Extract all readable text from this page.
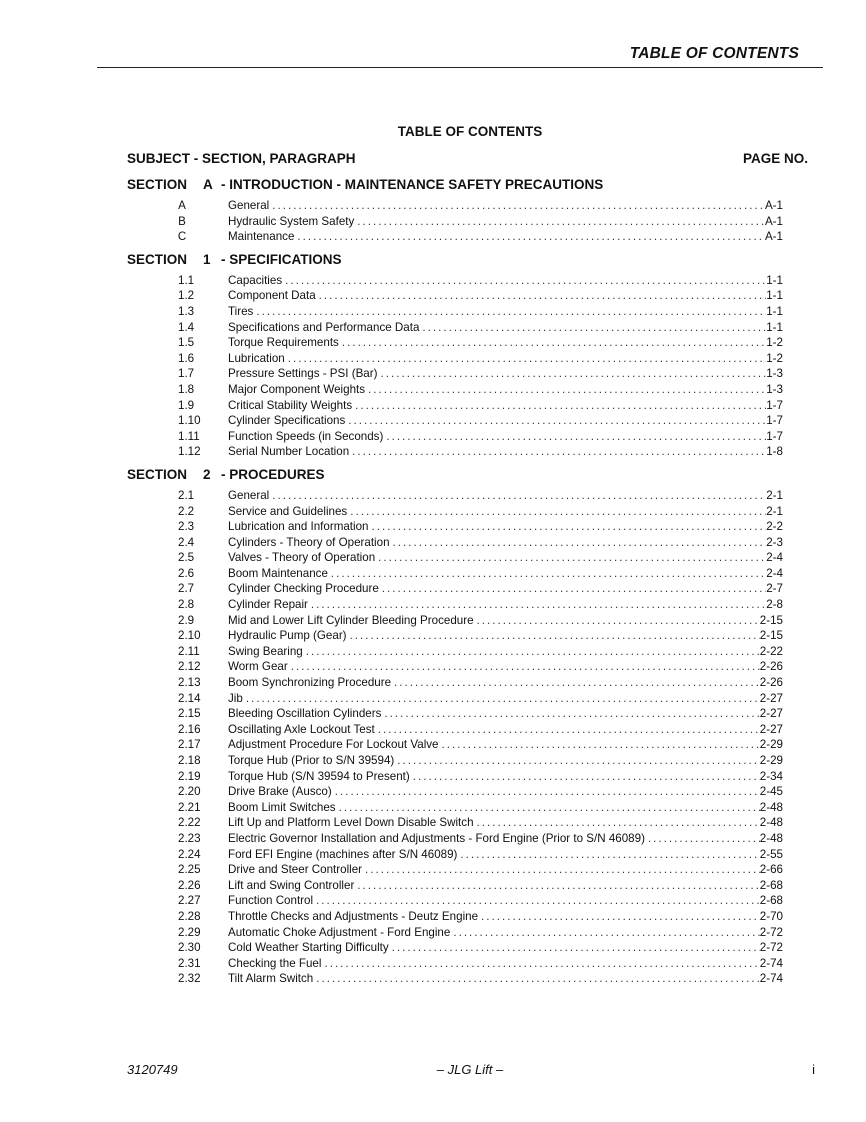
TABLE OF CONTENTS
TABLE OF CONTENTS
SUBJECT - SECTION, PARAGRAPH	PAGE NO.
SECTION A - INTRODUCTION - MAINTENANCE SAFETY PRECAUTIONS
A	General . . .	A-1
B	Hydraulic System Safety . . .	A-1
C	Maintenance . . .	A-1
SECTION 1 - SPECIFICATIONS
1.1	Capacities . . .	1-1
1.2	Component Data . . .	1-1
1.3	Tires . . .	1-1
1.4	Specifications and Performance Data . . .	1-1
1.5	Torque Requirements . . .	1-2
1.6	Lubrication . . .	1-2
1.7	Pressure Settings - PSI (Bar) . . .	1-3
1.8	Major Component Weights . . .	1-3
1.9	Critical Stability Weights . . .	1-7
1.10	Cylinder Specifications . . .	1-7
1.11	Function Speeds (in Seconds) . . .	1-7
1.12	Serial Number Location . . .	1-8
SECTION 2 - PROCEDURES
2.1	General . . .	2-1
2.2	Service and Guidelines . . .	2-1
2.3	Lubrication and Information . . .	2-2
2.4	Cylinders - Theory of Operation . . .	2-3
2.5	Valves - Theory of Operation . . .	2-4
2.6	Boom Maintenance . . .	2-4
2.7	Cylinder Checking Procedure . . .	2-7
2.8	Cylinder Repair . . .	2-8
2.9	Mid and Lower Lift Cylinder Bleeding Procedure . . .	2-15
2.10	Hydraulic Pump (Gear) . . .	2-15
2.11	Swing Bearing . . .	2-22
2.12	Worm Gear . . .	2-26
2.13	Boom Synchronizing Procedure . . .	2-26
2.14	Jib . . .	2-27
2.15	Bleeding Oscillation Cylinders . . .	2-27
2.16	Oscillating Axle Lockout Test . . .	2-27
2.17	Adjustment Procedure For Lockout Valve . . .	2-29
2.18	Torque Hub (Prior to S/N 39594) . . .	2-29
2.19	Torque Hub (S/N 39594 to Present) . . .	2-34
2.20	Drive Brake (Ausco) . . .	2-45
2.21	Boom Limit Switches . . .	2-48
2.22	Lift Up and Platform Level Down Disable Switch . . .	2-48
2.23	Electric Governor Installation and Adjustments - Ford Engine (Prior to S/N 46089) . . .	2-48
2.24	Ford EFI Engine (machines after S/N 46089) . . .	2-55
2.25	Drive and Steer Controller . . .	2-66
2.26	Lift and Swing Controller . . .	2-68
2.27	Function Control . . .	2-68
2.28	Throttle Checks and Adjustments - Deutz Engine . . .	2-70
2.29	Automatic Choke Adjustment - Ford Engine . . .	2-72
2.30	Cold Weather Starting Difficulty . . .	2-72
2.31	Checking the Fuel . . .	2-74
2.32	Tilt Alarm Switch . . .	2-74
3120749	– JLG Lift –	i
